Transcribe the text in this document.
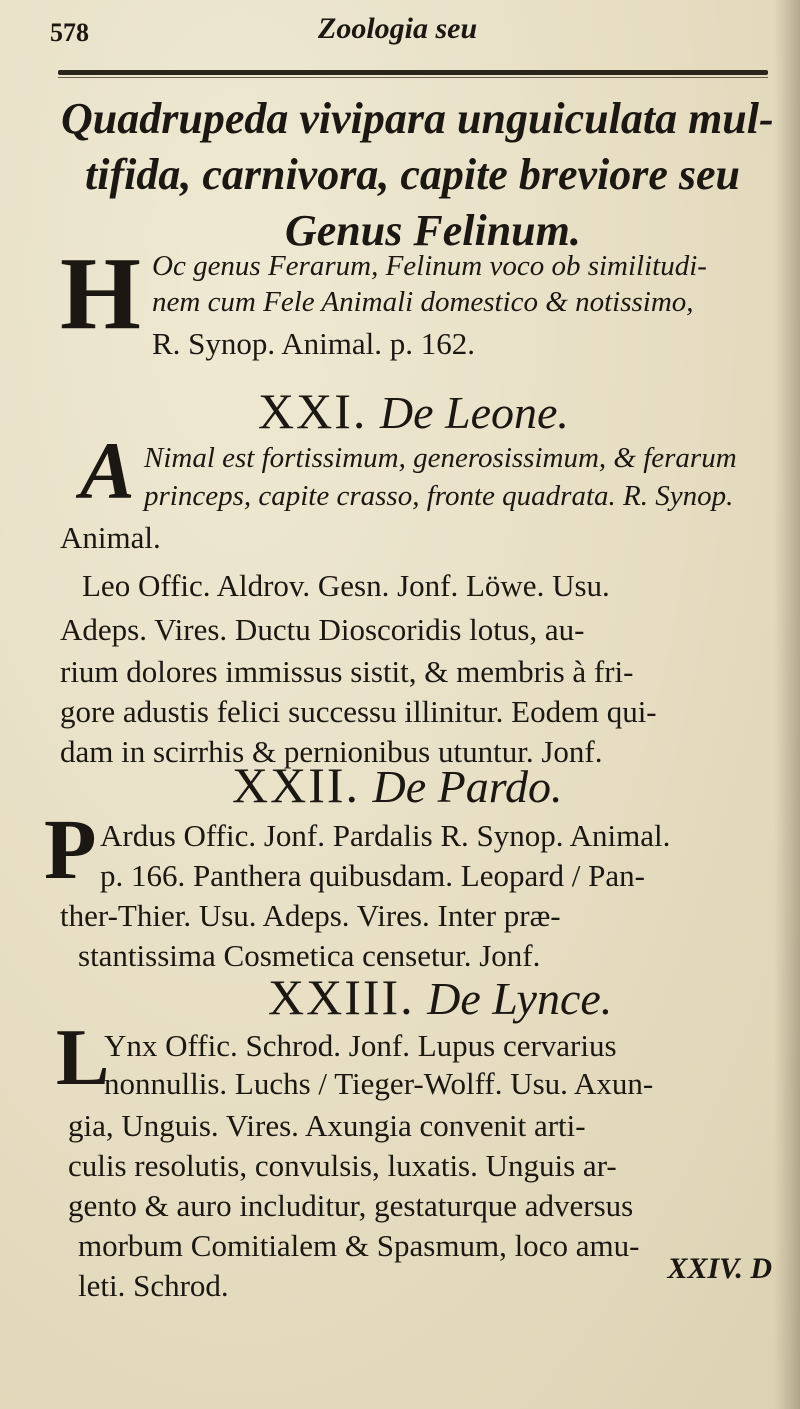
578	Zoologia seu
Quadrupeda vivipara unguiculata mul-
tifida, carnivora, capite breviore seu
Genus Felinum.
H Oc genus Ferarum, Felinum voco ob similitudi-
nem cum Fele Animali domestico & notissimo,
R. Synop. Animal. p. 162.
XXI. De Leone.
A Nimal est fortissimum, generosissimum, & ferarum
princeps, capite crasso, fronte quadrata. R. Synop.
Animal.
Leo Offic. Aldrov. Gesn. Jonf. Löwe. Usu.
Adeps. Vires. Ductu Dioscoridis lotus, au-
rium dolores immissus sistit, & membris à fri-
gore adustis felici successu illinitur. Eodem qui-
dam in scirrhis & pernionibus utuntur. Jonf.
XXII. De Pardo.
P Ardus Offic. Jonf. Pardalis R. Synop. Animal.
p. 166. Panthera quibusdam. Leopard / Pan-
ther-Thier. Usu. Adeps. Vires. Inter præ-
stantissima Cosmetica censetur. Jonf.
XXIII. De Lynce.
L
Ynx Offic. Schrod. Jonf. Lupus cervarius
nonnullis. Luchs / Tieger-Wolff. Usu. Axun-
gia, Unguis. Vires. Axungia convenit arti-
culis resolutis, convulsis, luxatis. Unguis ar-
gento & auro includitur, gestaturque adversus
morbum Comitialem & Spasmum, loco amu-
leti. Schrod.	XXIV. D
